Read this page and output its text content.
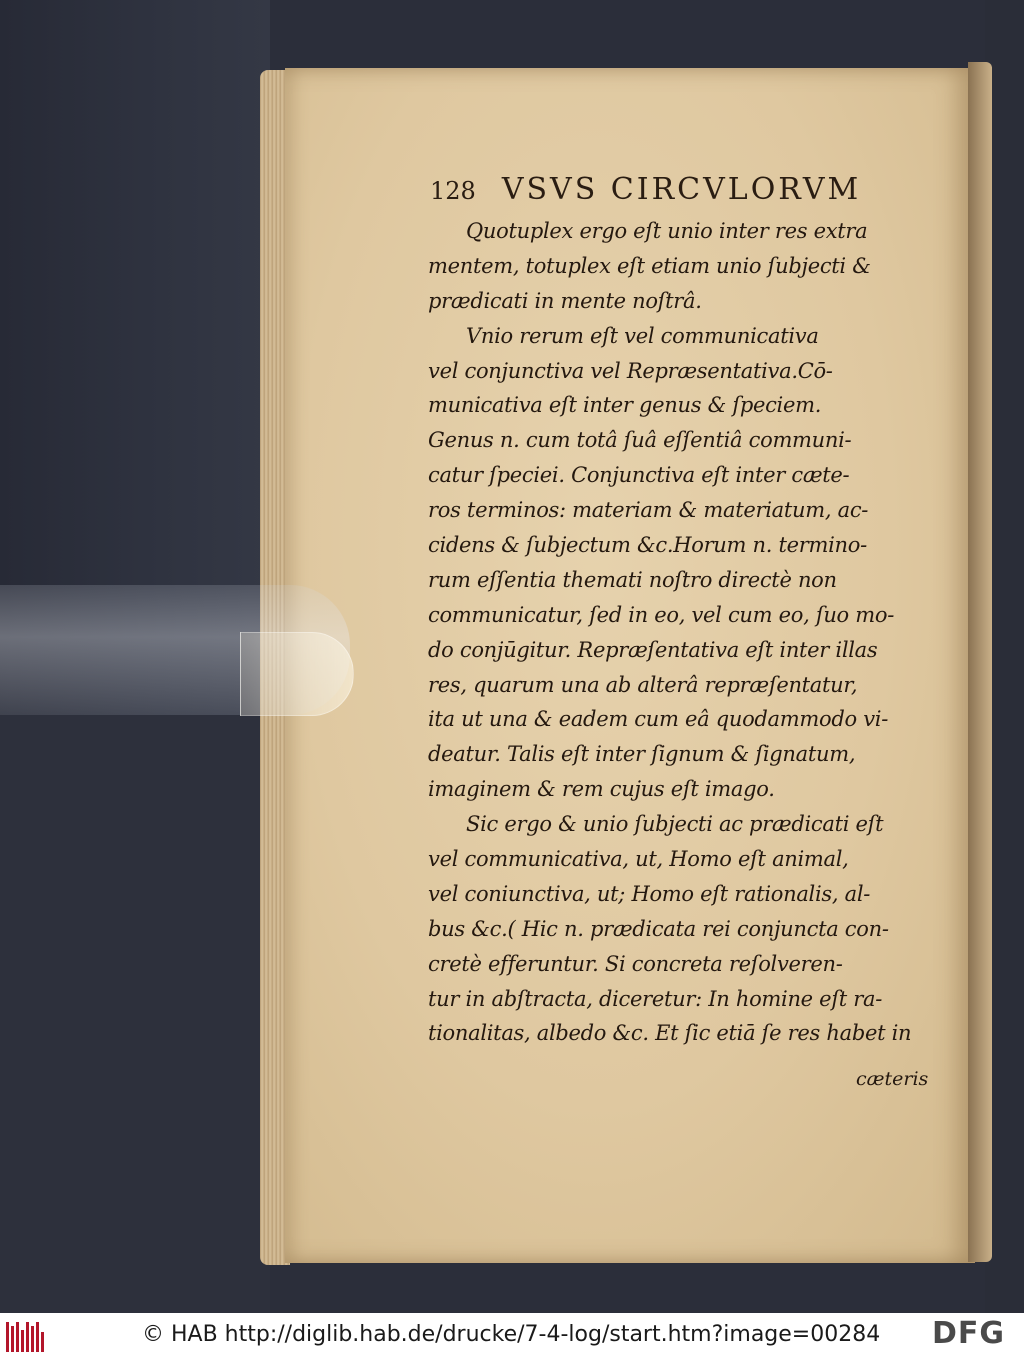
128 VSVS CIRCVLORVM
Quotuplex ergo eſt unio inter res extra
mentem, totuplex eſt etiam unio ſubjecti &
prædicati in mente noſtrâ.
Vnio rerum eſt vel communicativa
vel conjunctiva vel Repræsentativa.Cō-
municativa eſt inter genus & ſpeciem.
Genus n. cum totâ ſuâ eſſentiâ communi-
catur ſpeciei. Conjunctiva eſt inter cæte-
ros terminos: materiam & materiatum, ac-
cidens & ſubjectum &c.Horum n. termino-
rum eſſentia themati noſtro directè non
communicatur, ſed in eo, vel cum eo, ſuo mo-
do conjūgitur. Repræſentativa eſt inter illas
res, quarum una ab alterâ repræſentatur,
ita ut una & eadem cum eâ quodammodo vi-
deatur. Talis eſt inter ſignum & ſignatum,
imaginem & rem cujus eſt imago.
Sic ergo & unio ſubjecti ac prædicati eſt
vel communicativa, ut, Homo eſt animal,
vel coniunctiva, ut; Homo eſt rationalis, al-
bus &c.( Hic n. prædicata rei conjuncta con-
cretè efferuntur. Si concreta reſolveren-
tur in abſtracta, diceretur: In homine eſt ra-
tionalitas, albedo &c. Et ſic etiā ſe res habet in
cæteris
© HAB http://diglib.hab.de/drucke/7-4-log/start.htm?image=00284 DFG
